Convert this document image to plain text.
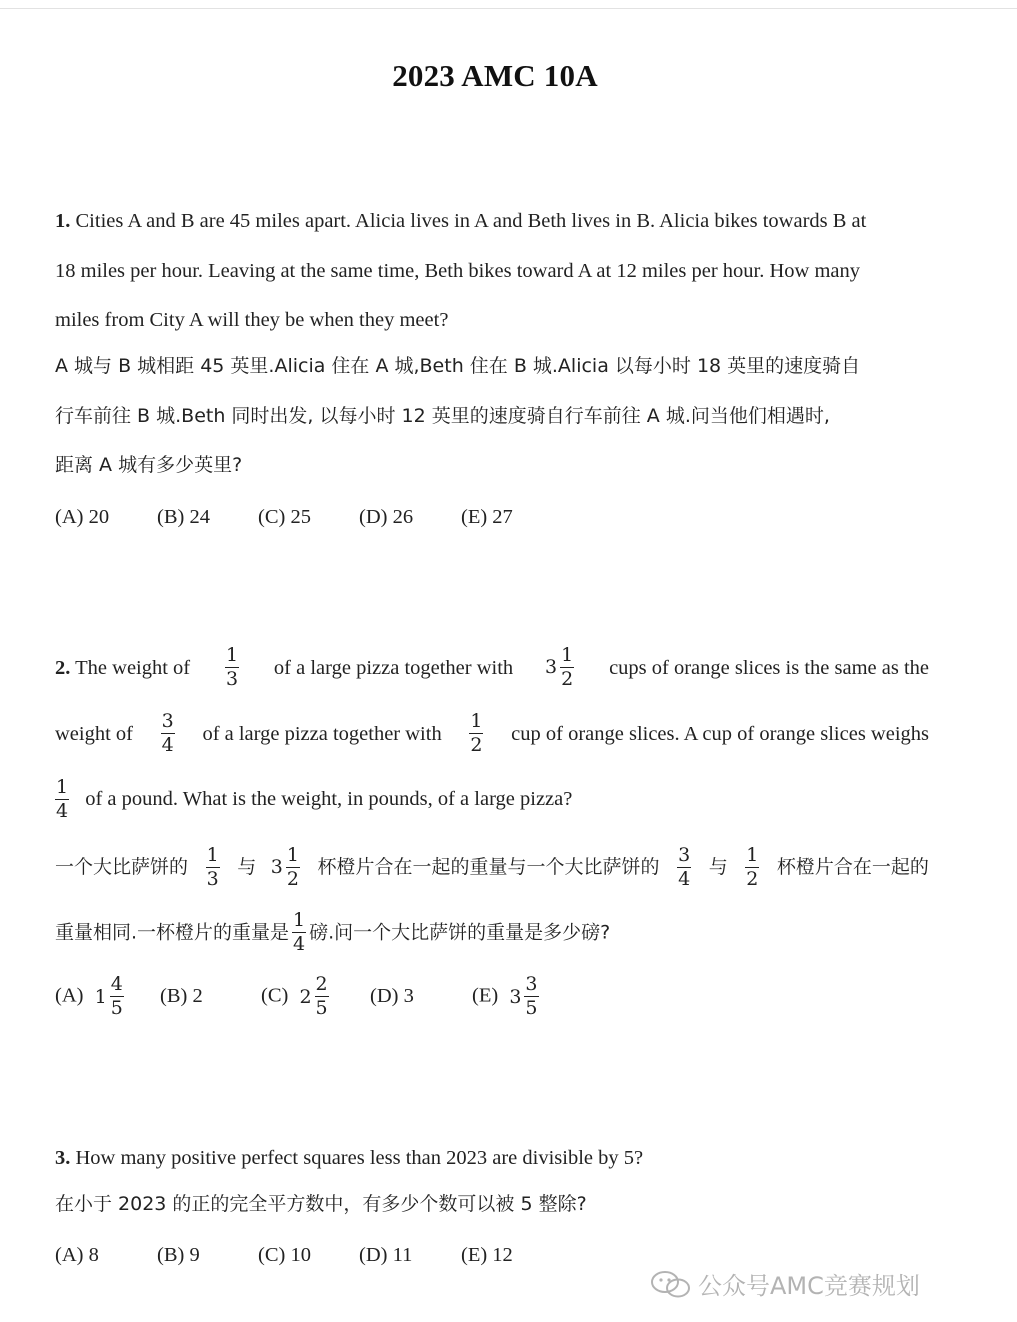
2023 AMC 10A
1. Cities A and B are 45 miles apart. Alicia lives in A and Beth lives in B. Alicia bikes towards B at
18 miles per hour. Leaving at the same time, Beth bikes toward A at 12 miles per hour. How many
miles from City A will they be when they meet?
A 城与 B 城相距 45 英里.Alicia 住在 A 城,Beth 住在 B 城.Alicia 以每小时 18 英里的速度骑自
行车前往 B 城.Beth 同时出发, 以每小时 12 英里的速度骑自行车前往 A 城.问当他们相遇时,
距离 A 城有多少英里?
(A) 20 (B) 24 (C) 25 (D) 26 (E) 27
2. The weight of $\frac{1}{3}$ of a large pizza together with $3 \frac{1}{2}$ cups of orange slices is the same as the
weight of $\frac{3}{4}$ of a large pizza together with $\frac{1}{2}$ cup of orange slices. A cup of orange slices weighs
$\frac{1}{4}$ of a pound. What is the weight, in pounds, of a large pizza?
一个大比萨饼的 $\frac{1}{3}$ 与 $3 \frac{1}{2}$ 杯橙片合在一起的重量与一个大比萨饼的 $\frac{3}{4}$ 与 $\frac{1}{2}$ 杯橙片合在一起的
重量相同.一杯橙片的重量是 $\frac{1}{4}$ 磅.问一个大比萨饼的重量是多少磅?
(A) $1 \frac{4}{5} (B)$ 2	(C) $2 \frac{2}{5} (D)$ 3	(E) $3 \frac{3}{5}$
3. How many positive perfect squares less than 2023 are divisible by 5?
在小于 2023 的正的完全平方数中，有多少个数可以被 5 整除?
(A) 8	(B) 9	(C) 10 (D) 11 (E) 12
公众号AMC竞赛规划
